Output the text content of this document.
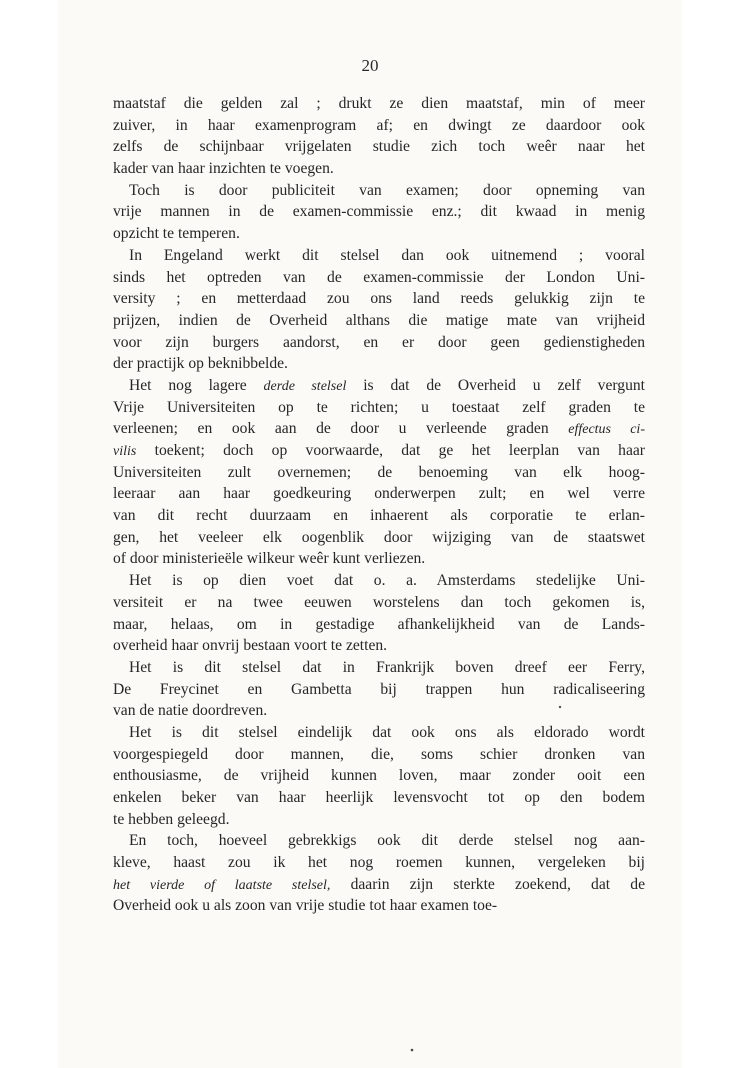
20
maatstaf die gelden zal ; drukt ze dien maatstaf, min of meer
zuiver, in haar examenprogram af; en dwingt ze daardoor ook
zelfs de schijnbaar vrijgelaten studie zich toch weêr naar het
kader van haar inzichten te voegen.
Toch is door publiciteit van examen; door opneming van
vrije mannen in de examen-commissie enz.; dit kwaad in menig
opzicht te temperen.
In Engeland werkt dit stelsel dan ook uitnemend ; vooral
sinds het optreden van de examen-commissie der London Uni-
versity ; en metterdaad zou ons land reeds gelukkig zijn te
prijzen, indien de Overheid althans die matige mate van vrijheid
voor zijn burgers aandorst, en er door geen gedienstigheden
der practijk op beknibbelde.
Het nog lagere derde stelsel is dat de Overheid u zelf vergunt
Vrije Universiteiten op te richten; u toestaat zelf graden te
verleenen; en ook aan de door u verleende graden effectus ci-
vilis toekent; doch op voorwaarde, dat ge het leerplan van haar
Universiteiten zult overnemen; de benoeming van elk hoog-
leeraar aan haar goedkeuring onderwerpen zult; en wel verre
van dit recht duurzaam en inhaerent als corporatie te erlan-
gen, het veeleer elk oogenblik door wijziging van de staatswet
of door ministerieële wilkeur weêr kunt verliezen.
Het is op dien voet dat o. a. Amsterdams stedelijke Uni-
versiteit er na twee eeuwen worstelens dan toch gekomen is,
maar, helaas, om in gestadige afhankelijkheid van de Lands-
overheid haar onvrij bestaan voort te zetten.
Het is dit stelsel dat in Frankrijk boven dreef eer Ferry,
De Freycinet en Gambetta bij trappen hun radicaliseering
van de natie doordreven.
Het is dit stelsel eindelijk dat ook ons als eldorado wordt
voorgespiegeld door mannen, die, soms schier dronken van
enthousiasme, de vrijheid kunnen loven, maar zonder ooit een
enkelen beker van haar heerlijk levensvocht tot op den bodem
te hebben geleegd.
En toch, hoeveel gebrekkigs ook dit derde stelsel nog aan-
kleve, haast zou ik het nog roemen kunnen, vergeleken bij
het vierde of laatste stelsel, daarin zijn sterkte zoekend, dat de
Overheid ook u als zoon van vrije studie tot haar examen toe-
